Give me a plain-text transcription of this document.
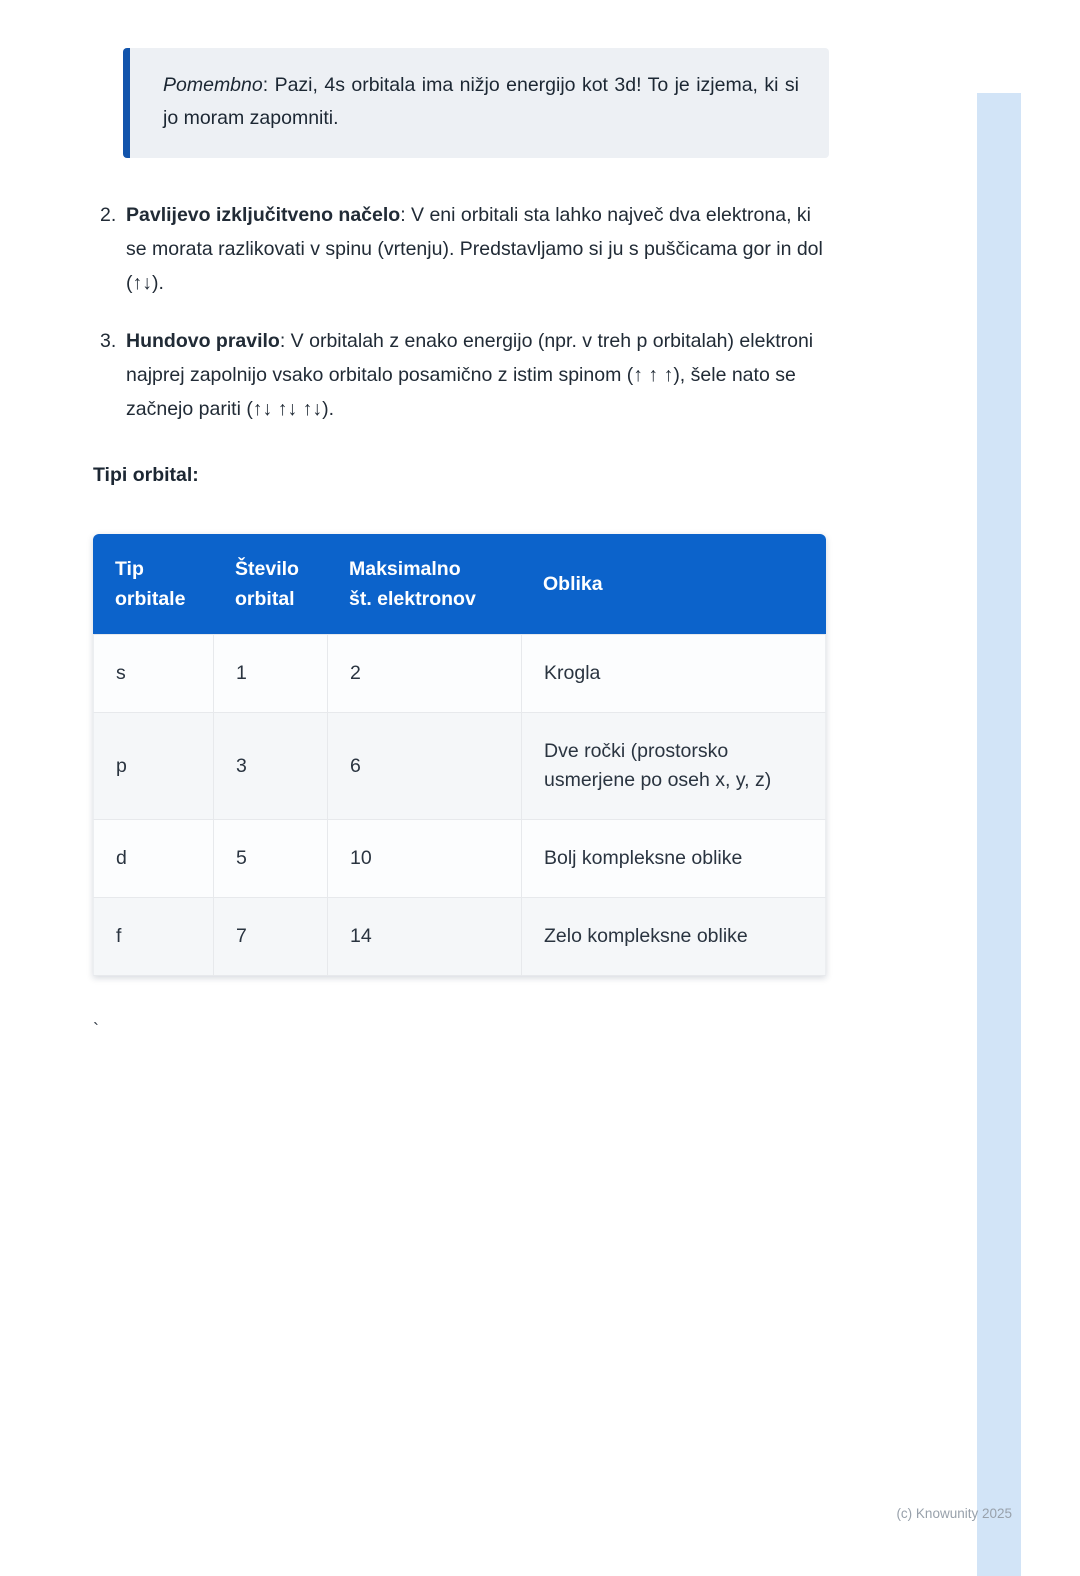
Pomembno: Pazi, 4s orbitala ima nižjo energijo kot 3d! To je izjema, ki si jo moram zapomniti.
2. Pavlijevo izključitveno načelo: V eni orbitali sta lahko največ dva elektrona, ki se morata razlikovati v spinu (vrtenju). Predstavljamo si ju s puščicama gor in dol (↑↓).
3. Hundovo pravilo: V orbitalah z enako energijo (npr. v treh p orbitalah) elektroni najprej zapolnijo vsako orbitalo posamično z istim spinom (↑ ↑ ↑), šele nato se začnejo pariti (↑↓ ↑↓ ↑↓).
Tipi orbital:
Tip orbitale	Število orbital	Maksimalno št. elektronov	Oblika
s	1	2	Krogla
p	3	6	Dve ročki (prostorsko usmerjene po oseh x, y, z)
d	5	10	Bolj kompleksne oblike
f	7	14	Zelo kompleksne oblike
`
(c) Knowunity 2025
